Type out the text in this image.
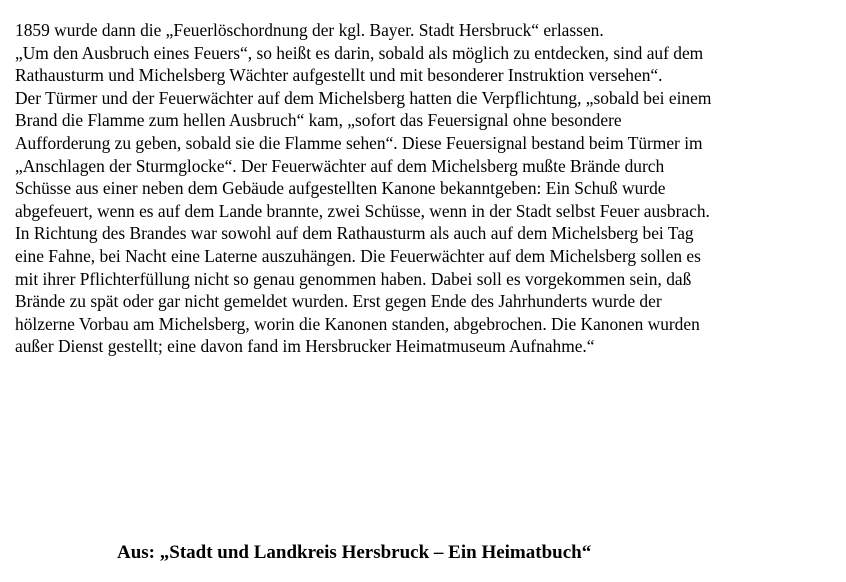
1859 wurde dann die „Feuerlöschordnung der kgl. Bayer. Stadt Hersbruck“ erlassen.
„Um den Ausbruch eines Feuers“, so heißt es darin, sobald als möglich zu entdecken, sind auf dem
Rathausturm und Michelsberg Wächter aufgestellt und mit besonderer Instruktion versehen“.
Der Türmer und der Feuerwächter auf dem Michelsberg hatten die Verpflichtung, „sobald bei einem
Brand die Flamme zum hellen Ausbruch“ kam, „sofort das Feuersignal ohne besondere
Aufforderung zu geben, sobald sie die Flamme sehen“. Diese Feuersignal bestand beim Türmer im
„Anschlagen der Sturmglocke“. Der Feuerwächter auf dem Michelsberg mußte Brände durch
Schüsse aus einer neben dem Gebäude aufgestellten Kanone bekanntgeben: Ein Schuß wurde
abgefeuert, wenn es auf dem Lande brannte, zwei Schüsse, wenn in der Stadt selbst Feuer ausbrach.
In Richtung des Brandes war sowohl auf dem Rathausturm als auch auf dem Michelsberg bei Tag
eine Fahne, bei Nacht eine Laterne auszuhängen. Die Feuerwächter auf dem Michelsberg sollen es
mit ihrer Pflichterfüllung nicht so genau genommen haben. Dabei soll es vorgekommen sein, daß
Brände zu spät oder gar nicht gemeldet wurden. Erst gegen Ende des Jahrhunderts wurde der
hölzerne Vorbau am Michelsberg, worin die Kanonen standen, abgebrochen. Die Kanonen wurden
außer Dienst gestellt; eine davon fand im Hersbrucker Heimatmuseum Aufnahme.“

Aus: „Stadt und Landkreis Hersbruck – Ein Heimatbuch“
